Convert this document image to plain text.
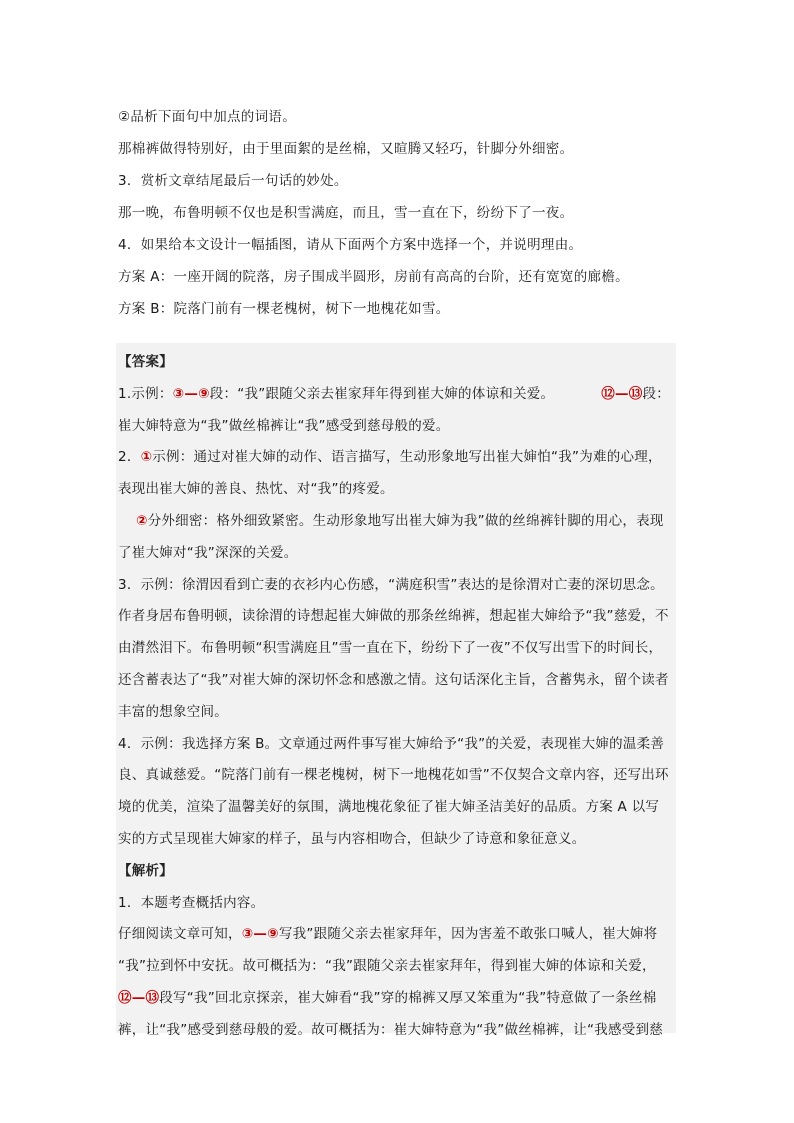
②品析下面句中加点的词语。

那棉裤做得特别好，由于里面絮的是丝棉，又暄腾又轻巧，针脚分外细密。

3．赏析文章结尾最后一句话的妙处。

那一晚，布鲁明顿不仅也是积雪满庭，而且，雪一直在下，纷纷下了一夜。

4．如果给本文设计一幅插图，请从下面两个方案中选择一个，并说明理由。

方案 A：一座开阔的院落，房子围成半圆形，房前有高高的台阶，还有宽宽的廊檐。

方案 B：院落门前有一棵老槐树，树下一地槐花如雪。

【答案】

1.示例：③—⑨段：“我”跟随父亲去崔家拜年得到崔大婶的体谅和关爱。	⑫—⑬段：

崔大婶特意为“我”做丝棉裤让“我”感受到慈母般的爱。

2．①示例：通过对崔大婶的动作、语言描写，生动形象地写出崔大婶怕“我”为难的心理，

表现出崔大婶的善良、热忱、对“我”的疼爱。

②分外细密：格外细致紧密。生动形象地写出崔大婶为我”做的丝绵裤针脚的用心，表现

了崔大婶对“我”深深的关爱。

3．示例：徐渭因看到亡妻的衣衫内心伤感，“满庭积雪”表达的是徐渭对亡妻的深切思念。

作者身居布鲁明顿，读徐渭的诗想起崔大婶做的那条丝绵裤，想起崔大婶给予“我”慈爱，不

由潸然泪下。布鲁明顿“积雪满庭且”雪一直在下，纷纷下了一夜”不仅写出雪下的时间长，

还含蓄表达了“我”对崔大婶的深切怀念和感激之情。这句话深化主旨，含蓄隽永，留个读者

丰富的想象空间。

4．示例：我选择方案 B。文章通过两件事写崔大婶给予“我”的关爱，表现崔大婶的温柔善

良、真诚慈爱。“院落门前有一棵老槐树，树下一地槐花如雪”不仅契合文章内容，还写出环

境的优美，渲染了温馨美好的氛围，满地槐花象征了崔大婶圣洁美好的品质。方案 A 以写

实的方式呈现崔大婶家的样子，虽与内容相吻合，但缺少了诗意和象征意义。

【解析】

1．本题考查概括内容。

仔细阅读文章可知，③—⑨写我”跟随父亲去崔家拜年，因为害羞不敢张口喊人，崔大婶将

“我”拉到怀中安抚。故可概括为：“我”跟随父亲去崔家拜年，得到崔大婶的体谅和关爱，

⑫—⑬段写“我”回北京探亲，崔大婶看“我”穿的棉裤又厚又笨重为“我”特意做了一条丝棉

裤，让“我”感受到慈母般的爱。故可概括为：崔大婶特意为“我”做丝棉裤，让“我感受到慈
